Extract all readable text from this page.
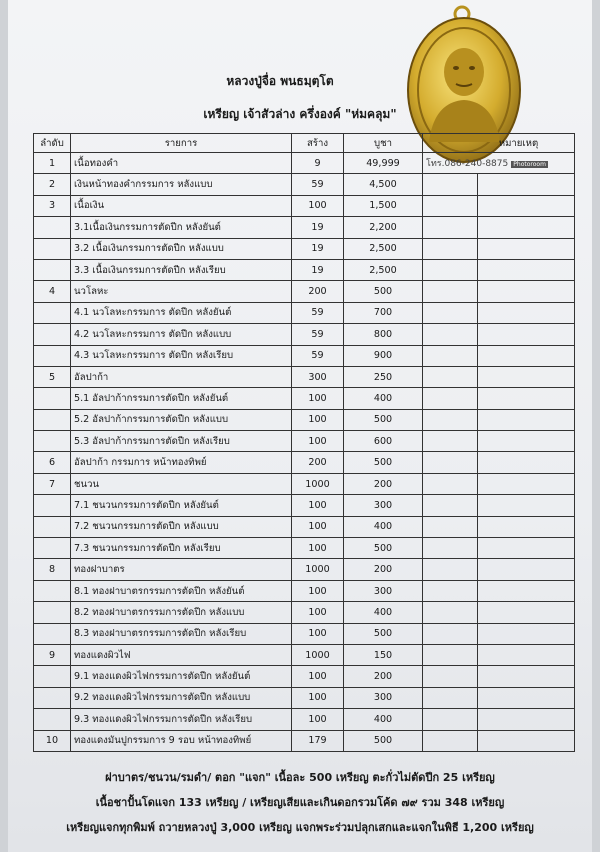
หลวงปู่จื่อ พนธมฺตฺโต
เหรียญ เจ้าสัวล่าง ครึ่งองค์ "ห่มคลุม"
ลำดับ	รายการ	สร้าง	บูชา	หมายเหตุ	
1	เนื้อทองคำ	9	49,999	โทร.086-240-8875 Photoroom	
2	เงินหน้าทองคำกรรมการ หลังแบบ	59	4,500		
3	เนื้อเงิน	100	1,500		
	3.1เนื้อเงินกรรมการตัดปีก หลังยันต์	19	2,200		
	3.2 เนื้อเงินกรรมการตัดปีก หลังแบบ	19	2,500		
	3.3 เนื้อเงินกรรมการตัดปีก หลังเรียบ	19	2,500		
4	นวโลหะ	200	500		
	4.1 นวโลหะกรรมการ ตัดปีก หลังยันต์	59	700		
	4.2 นวโลหะกรรมการ ตัดปีก หลังแบบ	59	800		
	4.3 นวโลหะกรรมการ ตัดปีก หลังเรียบ	59	900		
5	อัลปาก้า	300	250		
	5.1 อัลปาก้ากรรมการตัดปีก หลังยันต์	100	400		
	5.2 อัลปาก้ากรรมการตัดปีก หลังแบบ	100	500		
	5.3 อัลปาก้ากรรมการตัดปีก หลังเรียบ	100	600		
6	อัลปาก้า กรรมการ หน้าทองทิพย์	200	500		
7	ชนวน	1000	200		
	7.1 ชนวนกรรมการตัดปีก หลังยันต์	100	300		
	7.2 ชนวนกรรมการตัดปีก หลังแบบ	100	400		
	7.3 ชนวนกรรมการตัดปีก หลังเรียบ	100	500		
8	ทองฝาบาตร	1000	200		
	8.1 ทองฝาบาตรกรรมการตัดปีก หลังยันต์	100	300		
	8.2 ทองฝาบาตรกรรมการตัดปีก หลังแบบ	100	400		
	8.3 ทองฝาบาตรกรรมการตัดปีก หลังเรียบ	100	500		
9	ทองแดงผิวไฟ	1000	150		
	9.1 ทองแดงผิวไฟกรรมการตัดปีก หลังยันต์	100	200		
	9.2 ทองแดงผิวไฟกรรมการตัดปีก หลังแบบ	100	300		
	9.3 ทองแดงผิวไฟกรรมการตัดปีก หลังเรียบ	100	400		
10	ทองแดงมันปูกรรมการ 9 รอบ หน้าทองทิพย์	179	500		
ฝาบาตร/ชนวน/รมดำ/ ตอก "แจก" เนื้อละ 500 เหรียญ ตะกั่วไม่ตัดปีก 25 เหรียญ
เนื้อชาปั้นโดแจก 133 เหรียญ / เหรียญเสียและเกินดอกรวมโค้ด ๗๙ รวม 348 เหรียญ
เหรียญแจกทุกพิมพ์ ถวายหลวงปู่ 3,000 เหรียญ แจกพระร่วมปลุกเสกและแจกในพิธี 1,200 เหรียญ
